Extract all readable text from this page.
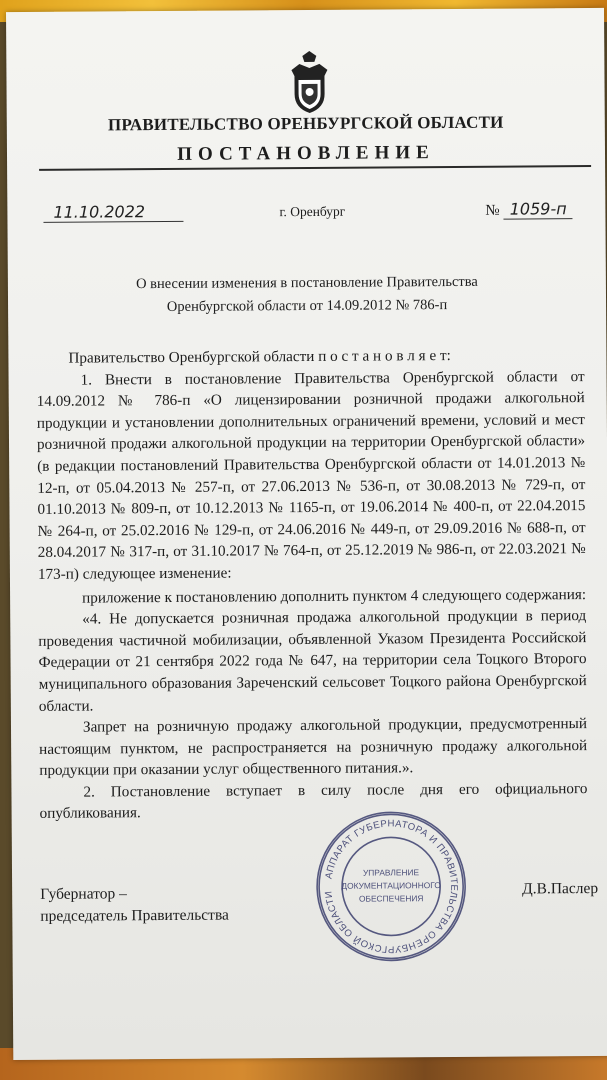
ПРАВИТЕЛЬСТВО ОРЕНБУРГСКОЙ ОБЛАСТИ
ПОСТАНОВЛЕНИЕ
11.10.2022	г. Оренбург	№ 1059-п
О внесении изменения в постановление Правительства
Оренбургской области от 14.09.2012 № 786-п

Правительство Оренбургской области п о с т а н о в л я е т:

1. Внести в постановление Правительства Оренбургской области от 14.09.2012 № 786-п «О лицензировании розничной продажи алкогольной продукции и установлении дополнительных ограничений времени, условий и мест розничной продажи алкогольной продукции на территории Оренбургской области» (в редакции постановлений Правительства Оренбургской области от 14.01.2013 № 12-п, от 05.04.2013 № 257-п, от 27.06.2013 № 536-п, от 30.08.2013 № 729-п, от 01.10.2013 № 809-п, от 10.12.2013 № 1165-п, от 19.06.2014 № 400-п, от 22.04.2015 № 264-п, от 25.02.2016 № 129-п, от 24.06.2016 № 449-п, от 29.09.2016 № 688-п, от 28.04.2017 № 317-п, от 31.10.2017 № 764-п, от 25.12.2019 № 986-п, от 22.03.2021 № 173-п) следующее изменение:

приложение к постановлению дополнить пунктом 4 следующего содержания:

«4. Не допускается розничная продажа алкогольной продукции в период проведения частичной мобилизации, объявленной Указом Президента Российской Федерации от 21 сентября 2022 года № 647, на территории села Тоцкого Второго муниципального образования Зареченский сельсовет Тоцкого района Оренбургской области.

Запрет на розничную продажу алкогольной продукции, предусмотренный настоящим пунктом, не распространяется на розничную продажу алкогольной продукции при оказании услуг общественного питания.».

2. Постановление вступает в силу после дня его официального опубликования.

Губернатор –
председатель Правительства
Д.В.Паслер
АППАРАТ ГУБЕРНАТОРА И ПРАВИТЕЛЬСТВА ОРЕНБУРГСКОЙ ОБЛАСТИ
УПРАВЛЕНИЕ
ДОКУМЕНТАЦИОННОГО
ОБЕСПЕЧЕНИЯ
